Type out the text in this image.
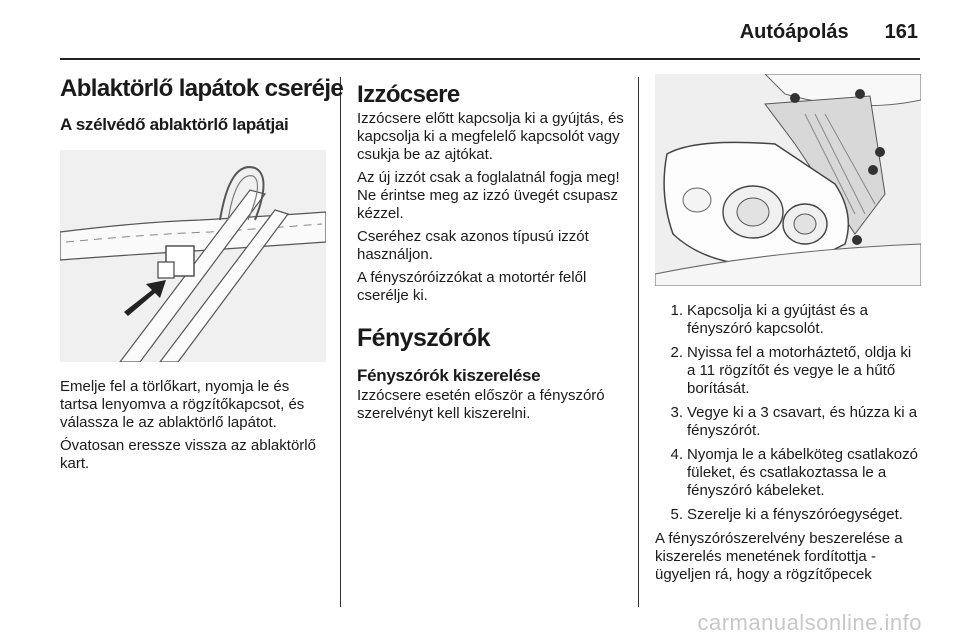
Autóápolás 161
Ablaktörlő lapátok cseréje
A szélvédő ablaktörlő lapátjai

Emelje fel a törlőkart, nyomja le és tartsa lenyomva a rögzítőkapcsot, és válassza le az ablaktörlő lapátot.

Óvatosan eressze vissza az ablaktörlő kart.

Izzócsere

Izzócsere előtt kapcsolja ki a gyújtás, és kapcsolja ki a megfelelő kapcsolót vagy csukja be az ajtókat.

Az új izzót csak a foglalatnál fogja meg! Ne érintse meg az izzó üvegét csupasz kézzel.

Cseréhez csak azonos típusú izzót használjon.

A fényszóróizzókat a motortér felől cserélje ki.

Fényszórók
Fényszórók kiszerelése

Izzócsere esetén először a fényszóró szerelvényt kell kiszerelni.

1. Kapcsolja ki a gyújtást és a fényszóró kapcsolót.
2. Nyissa fel a motorháztető, oldja ki a 11 rögzítőt és vegye le a hűtő borítását.
3. Vegye ki a 3 csavart, és húzza ki a fényszórót.
4. Nyomja le a kábelköteg csatlakozó füleket, és csatlakoztassa le a fényszóró kábeleket.
5. Szerelje ki a fényszóróegységet.

A fényszórószerelvény beszerelése a kiszerelés menetének fordítottja - ügyeljen rá, hogy a rögzítőpecek

carmanualsonline.info
